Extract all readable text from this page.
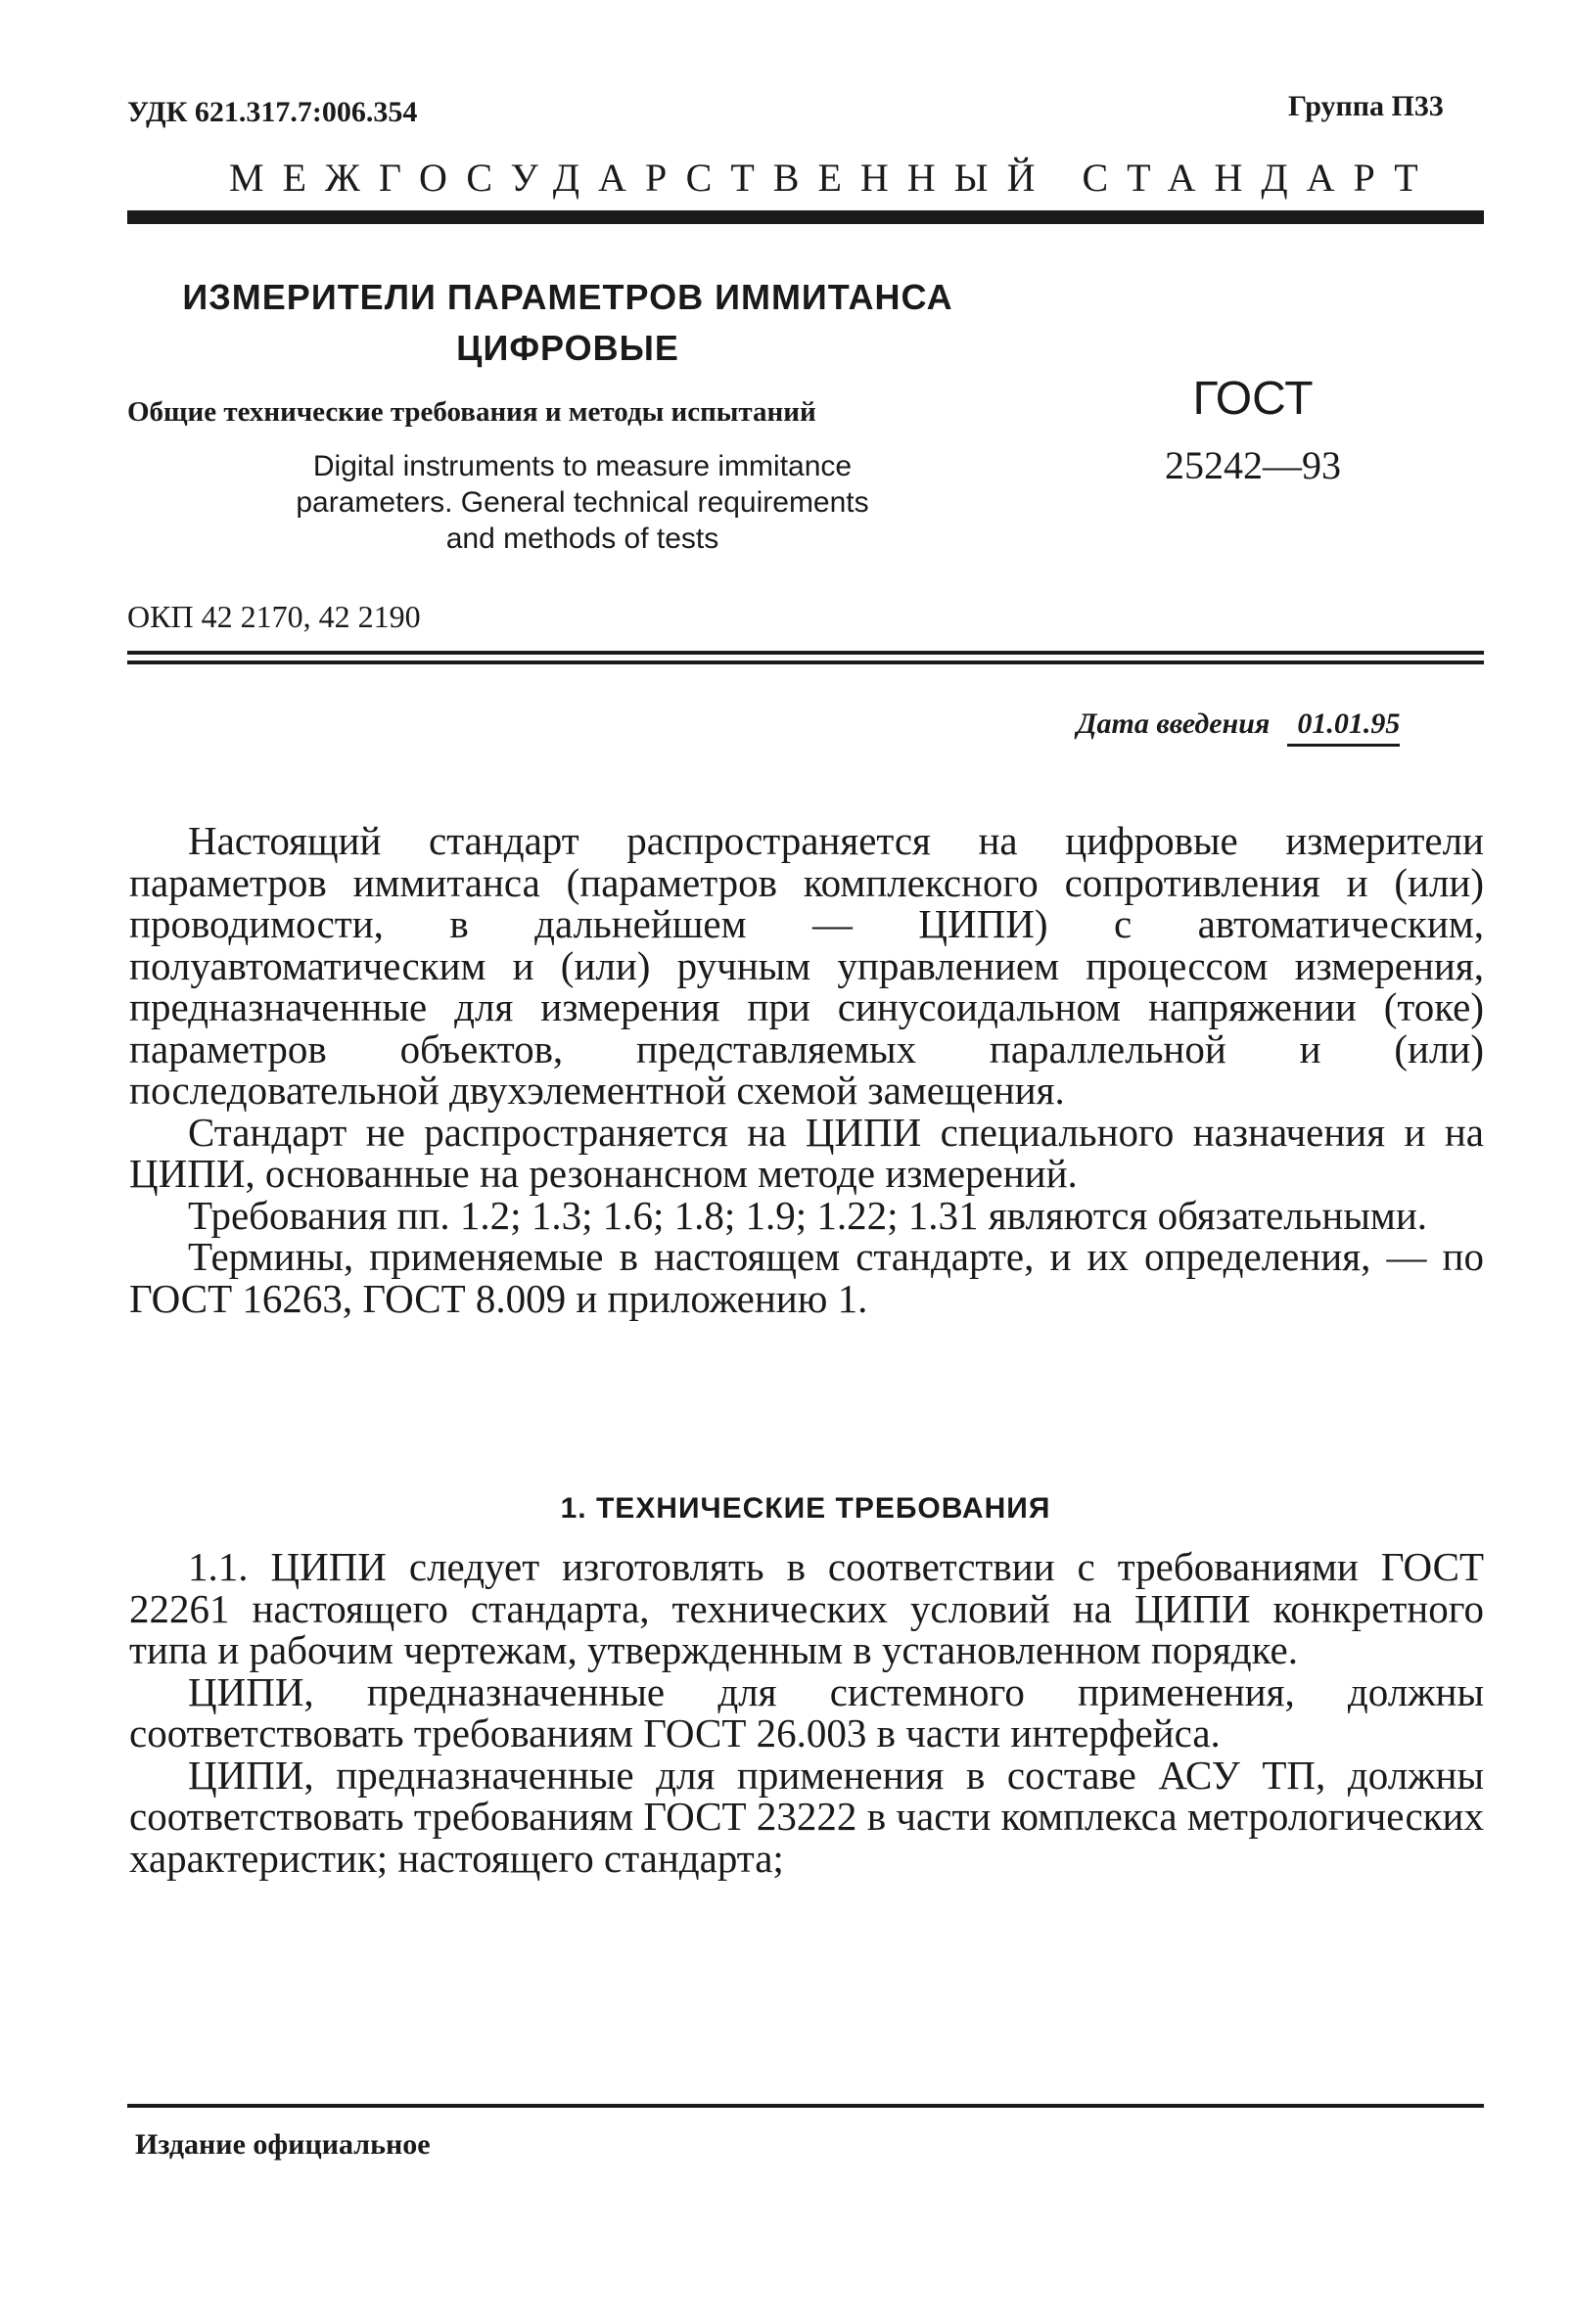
УДК 621.317.7:006.354	Группа П33
МЕЖГОСУДАРСТВЕННЫЙ СТАНДАРТ
ИЗМЕРИТЕЛИ ПАРАМЕТРОВ ИММИТАНСА
ЦИФРОВЫЕ
Общие технические требования и методы испытаний
Digital instruments to measure immitance
parameters. General technical requirements
and methods of tests
ГОСТ
25242—93
ОКП 42 2170, 42 2190
Дата введения 01.01.95

Настоящий стандарт распространяется на цифровые измерители параметров иммитанса (параметров комплексного сопротивления и (или) проводимости, в дальнейшем — ЦИПИ) с автоматическим, полуавтоматическим и (или) ручным управлением процессом измерения, предназначенные для измерения при синусоидальном напряжении (токе) параметров объектов, представляемых параллельной и (или) последовательной двухэлементной схемой замещения.

Стандарт не распространяется на ЦИПИ специального назначения и на ЦИПИ, основанные на резонансном методе измерений.

Требования пп. 1.2; 1.3; 1.6; 1.8; 1.9; 1.22; 1.31 являются обязательными.

Термины, применяемые в настоящем стандарте, и их определения, — по ГОСТ 16263, ГОСТ 8.009 и приложению 1.

1. ТЕХНИЧЕСКИЕ ТРЕБОВАНИЯ

1.1. ЦИПИ следует изготовлять в соответствии с требованиями ГОСТ 22261 настоящего стандарта, технических условий на ЦИПИ конкретного типа и рабочим чертежам, утвержденным в установленном порядке.

ЦИПИ, предназначенные для системного применения, должны соответствовать требованиям ГОСТ 26.003 в части интерфейса.

ЦИПИ, предназначенные для применения в составе АСУ ТП, должны соответствовать требованиям ГОСТ 23222 в части комплекса метрологических характеристик; настоящего стандарта;

Издание официальное
